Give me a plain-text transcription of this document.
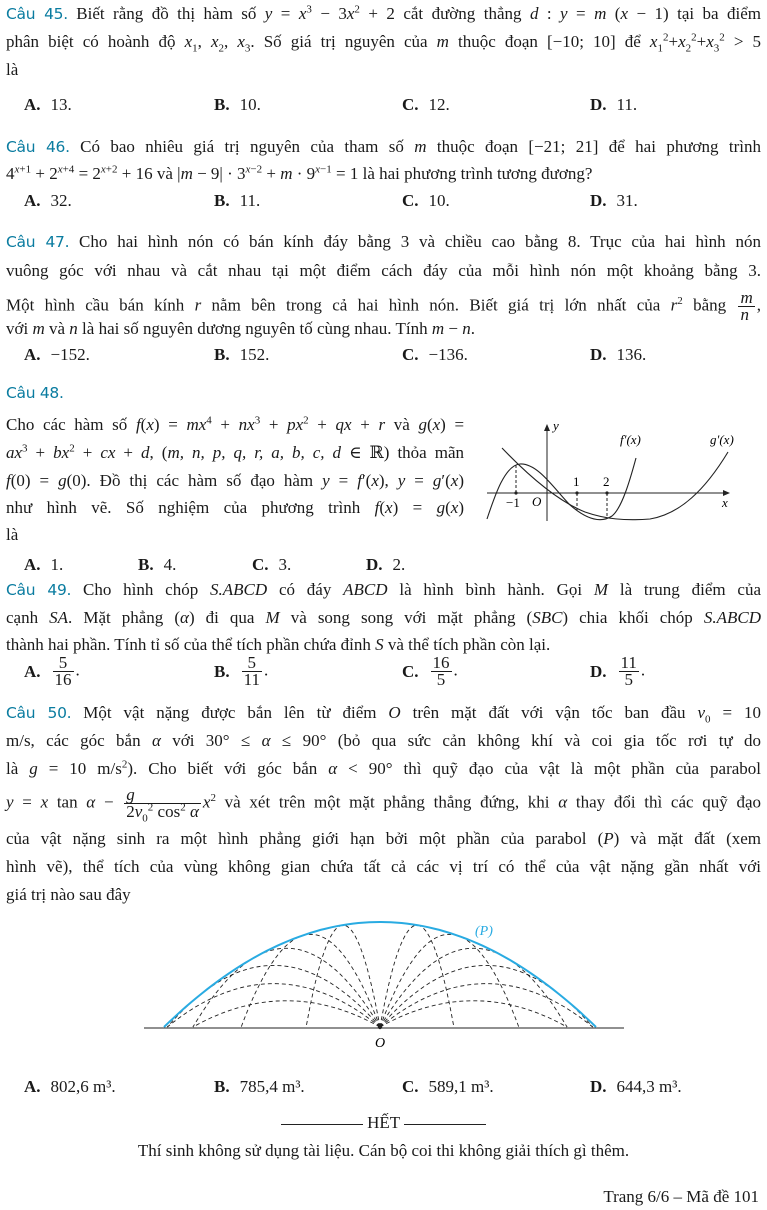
Câu 45. Biết rằng đồ thị hàm số $y = x^3 - 3x^2 + 2$ cắt đường thẳng d : y = m (x − 1) tại ba điểm
phân biệt có hoành độ $x_1$, $x_2$, $x_3$. Số giá trị nguyên của m thuộc đoạn [−10; 10] để $x_1^2+x_2^2+x_3^2 > 5$
là
A. 13.	B. 10.	C. 12.	D. 11.
Câu 46. Có bao nhiêu giá trị nguyên của tham số m thuộc đoạn [−21; 21] để hai phương trình
$4^{x+1} + 2^{x+4} = 2^{x+2} + 16$ và $|m - 9| \cdot 3^{x-2} + m \cdot 9^{x-1} = 1$ là hai phương trình tương đương?
A. 32.	B. 11.	C. 10.	D. 31.
Câu 47. Cho hai hình nón có bán kính đáy bằng 3 và chiều cao bằng 8. Trục của hai hình nón
vuông góc với nhau và cắt nhau tại một điểm cách đáy của mỗi hình nón một khoảng bằng 3.
Một hình cầu bán kính r nằm bên trong cả hai hình nón. Biết giá trị lớn nhất của $r^2$ bằng $\frac{m}{n}$ ,
với m và n là hai số nguyên dương nguyên tố cùng nhau. Tính m − n.
A. −152.	B. 152.	C. −136.	D. 136.
Câu 48.
Cho các hàm số $f(x) = mx^4 + nx^3 + px^2$ + qx + r và g(x) =
$ax^3 + bx^2$ + cx + d, (m, n, p, q, r, a, b, c, d ∈ ℝ) thỏa mãn
f(0) = g(0). Đồ thị các hàm số đạo hàm y = f′(x), y = g′(x)
như hình vẽ. Số nghiệm của phương trình f(x) = g(x)
là
y
x
O
−1
1 2
f′(x)	g′(x)
A. 1.	B. 4.	C. 3.	D. 2.
Câu 49. Cho hình chóp S.ABCD có đáy ABCD là hình bình hành. Gọi M là trung điểm của
cạnh SA. Mặt phẳng (α) đi qua M và song song với mặt phẳng (SBC) chia khối chóp S.ABCD
thành hai phần. Tính tỉ số của thể tích phần chứa đỉnh S và thể tích phần còn lại.
A. $\frac{5}{16}$ .	B. $\frac{5}{11}$ .	C. $\frac{16}{5}$ .	D. $\frac{11}{5}$ .
Câu 50. Một vật nặng được bắn lên từ điểm O trên mặt đất với vận tốc ban đầu $v_0 = 10$
m/s, các góc bắn α với 30° ≤ α ≤ 90° (bỏ qua sức cản không khí và coi gia tốc rơi tự do
là g = 10 $m/s^2$). Cho biết với góc bắn α < 90° thì quỹ đạo của vật là một phần của parabol
y = x $\tan \alpha - \frac{g}{2v_0^2 \cos^2 \alpha} x^2$ và xét trên một mặt phẳng thẳng đứng, khi α thay đổi thì các quỹ đạo
của vật nặng sinh ra một hình phẳng giới hạn bởi một phần của parabol (P) và mặt đất (xem
hình vẽ), thể tích của vùng không gian chứa tất cả các vị trí có thể của vật nặng gần nhất với
giá trị nào sau đây
O
(P)
A. 802,6 m³.	B. 785,4 m³.	C. 589,1 m³.	D. 644,3 m³.
HẾT
Thí sinh không sử dụng tài liệu. Cán bộ coi thi không giải thích gì thêm.
Trang 6/6 – Mã đề 101
